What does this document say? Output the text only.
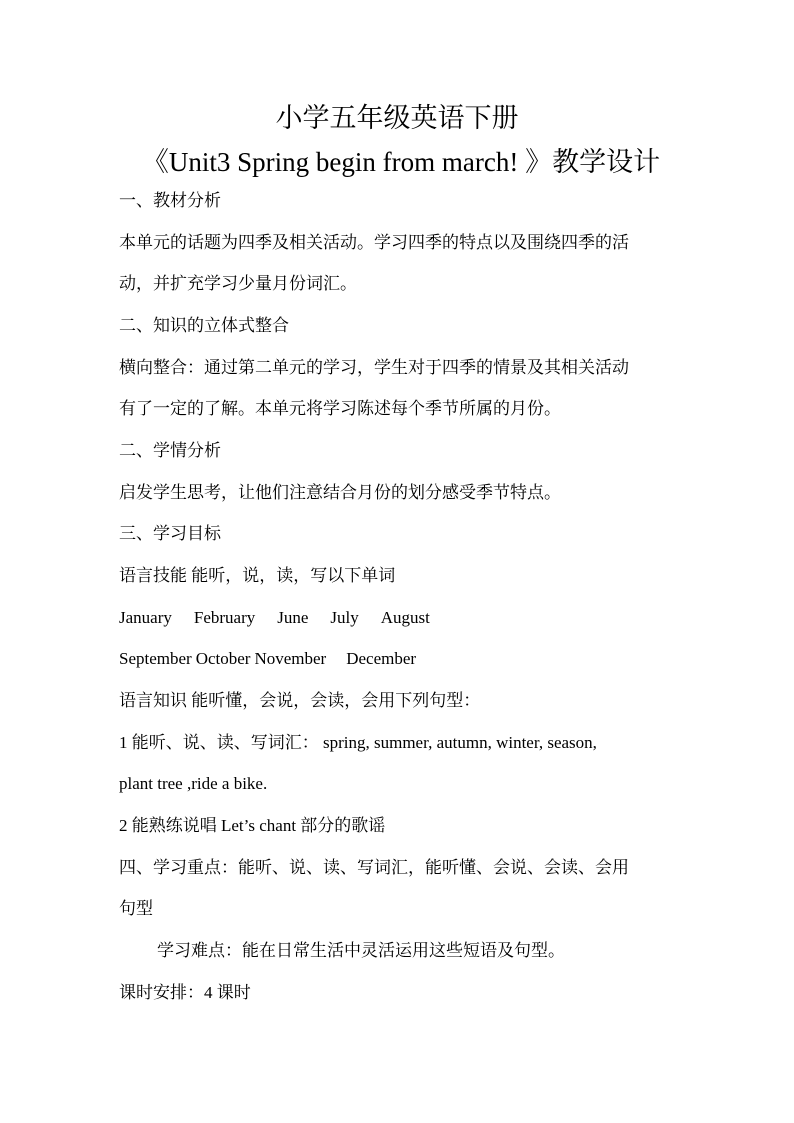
小学五年级英语下册
《Unit3 Spring begin from march! 》教学设计
一、教材分析
本单元的话题为四季及相关活动。学习四季的特点以及围绕四季的活
动，并扩充学习少量月份词汇。
二、知识的立体式整合
横向整合：通过第二单元的学习，学生对于四季的情景及其相关活动
有了一定的了解。本单元将学习陈述每个季节所属的月份。
二、学情分析
启发学生思考，让他们注意结合月份的划分感受季节特点。
三、学习目标
语言技能 能听，说，读，写以下单词
January February June July August
September October November December
语言知识 能听懂，会说，会读，会用下列句型：
1 能听、说、读、写词汇： spring, summer, autumn, winter, season,
plant tree ,ride a bike.
2 能熟练说唱 Let’s chant 部分的歌谣
四、学习重点：能听、说、读、写词汇，能听懂、会说、会读、会用
句型
学习难点：能在日常生活中灵活运用这些短语及句型。
课时安排：4 课时
